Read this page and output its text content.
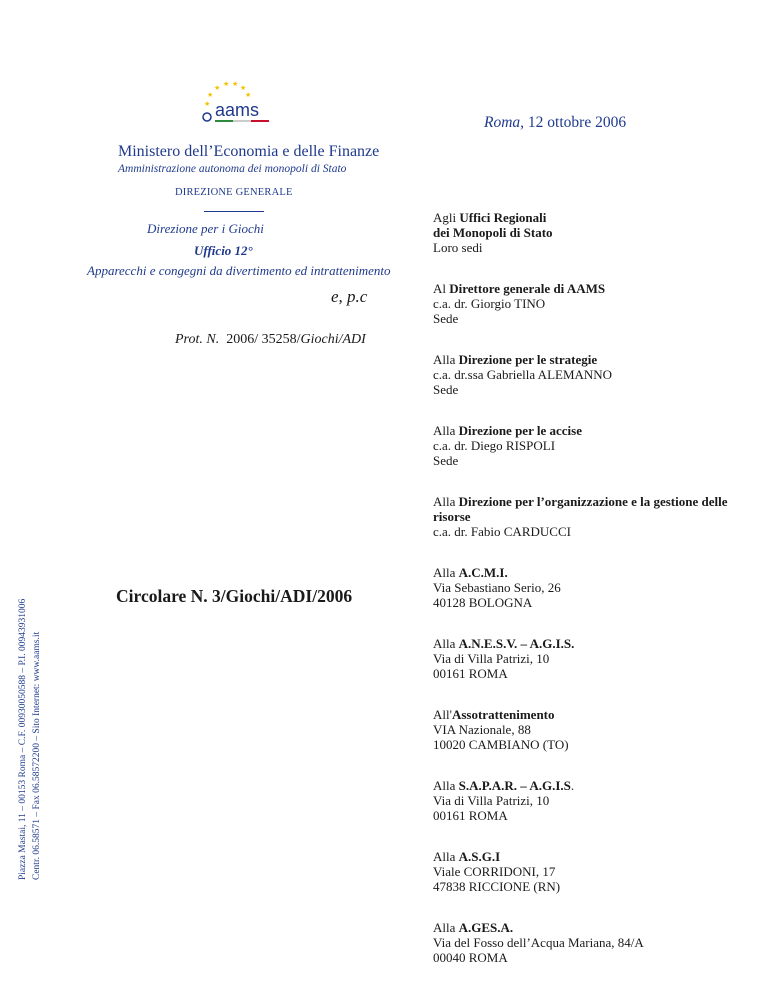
★
★
★ ★ ★ ★
★
aams
Roma, 12 ottobre 2006
Ministero dell’Economia e delle Finanze
Amministrazione autonoma dei monopoli di Stato
DIREZIONE GENERALE
Direzione per i Giochi
Ufficio 12°
Apparecchi e congegni da divertimento ed intrattenimento
e, p.c
Prot. N. 2006/ 35258/Giochi/ADI
Circolare N. 3/Giochi/ADI/2006
Agli Uffici Regionali
dei Monopoli di Stato
Loro sedi
Al Direttore generale di AAMS
c.a. dr. Giorgio TINO
Sede
Alla Direzione per le strategie
c.a. dr.ssa Gabriella ALEMANNO
Sede
Alla Direzione per le accise
c.a. dr. Diego RISPOLI
Sede
Alla Direzione per l’organizzazione e la gestione delle risorse
c.a. dr. Fabio CARDUCCI
Alla A.C.M.I.
Via Sebastiano Serio, 26
40128 BOLOGNA
Alla A.N.E.S.V. – A.G.I.S.
Via di Villa Patrizi, 10
00161 ROMA
All'Assotrattenimento
VIA Nazionale, 88
10020 CAMBIANO (TO)
Alla S.A.P.A.R. – A.G.I.S.
Via di Villa Patrizi, 10
00161 ROMA
Alla A.S.G.I
Viale CORRIDONI, 17
47838 RICCIONE (RN)
Alla A.GES.A.
Via del Fosso dell’Acqua Mariana, 84/A
00040 ROMA
Piazza Mastai, 11 – 00153 Roma – C.F. 00930050588 – P.I. 00943931006 Centr. 06.58571 – Fax 06.58572200 – Sito Internet: www.aams.it
